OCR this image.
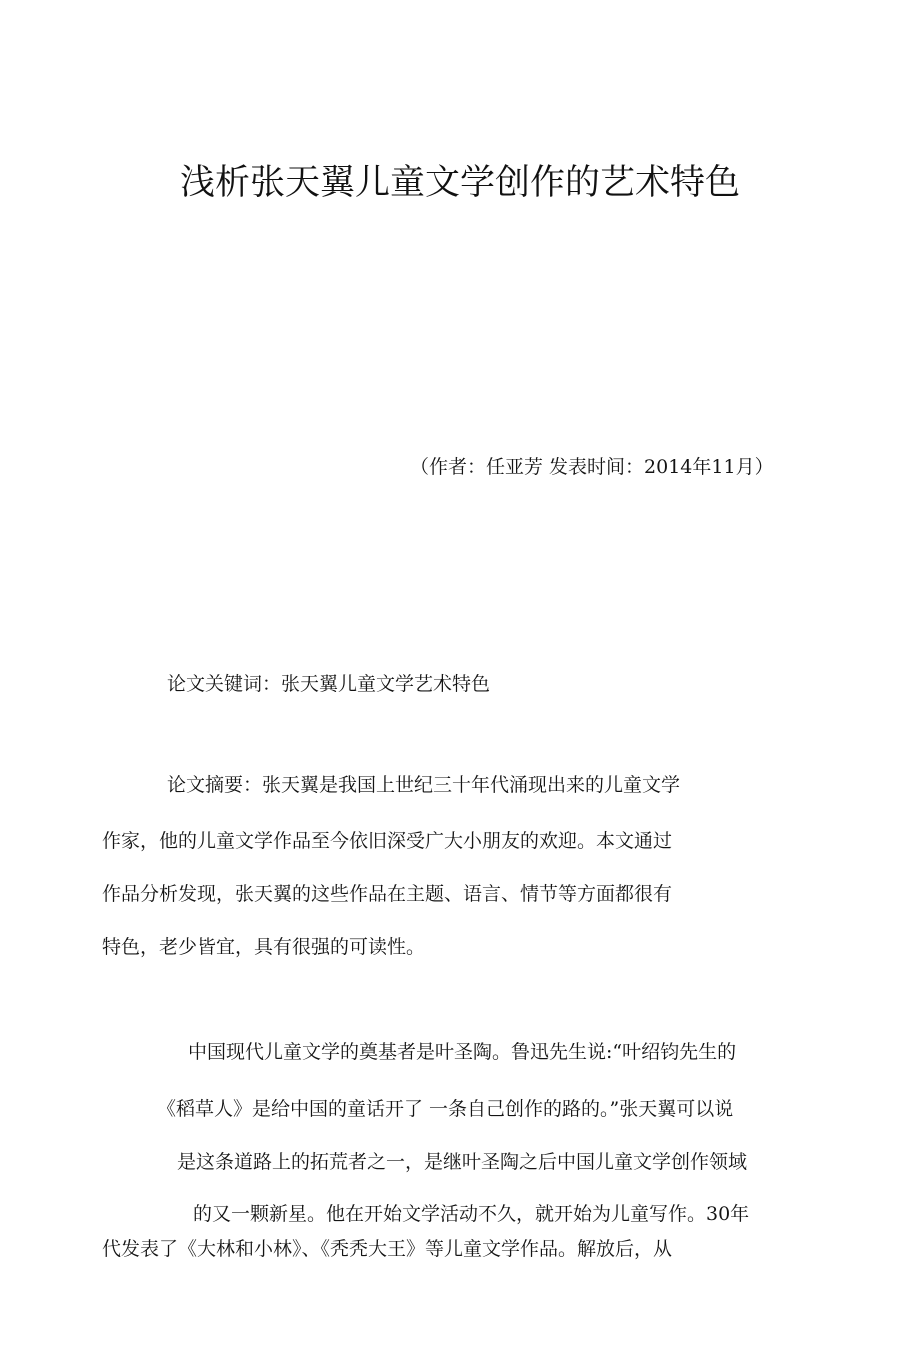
浅析张天翼儿童文学创作的艺术特色
（作者：任亚芳 发表时间：2014年11月）
论文关键词：张天翼儿童文学艺术特色
论文摘要：张天翼是我国上世纪三十年代涌现出来的儿童文学
作家，他的儿童文学作品至今依旧深受广大小朋友的欢迎。本文通过
作品分析发现，张天翼的这些作品在主题、语言、情节等方面都很有
特色，老少皆宜，具有很强的可读性。
中国现代儿童文学的奠基者是叶圣陶。鲁迅先生说:“叶绍钧先生的
《稻草人》是给中国的童话开了 一条自己创作的路的。”张天翼可以说
是这条道路上的拓荒者之一，是继叶圣陶之后中国儿童文学创作领域
的又一颗新星。他在开始文学活动不久，就开始为儿童写作。30年
代发表了《大林和小林》、《秃秃大王》等儿童文学作品。解放后，从
